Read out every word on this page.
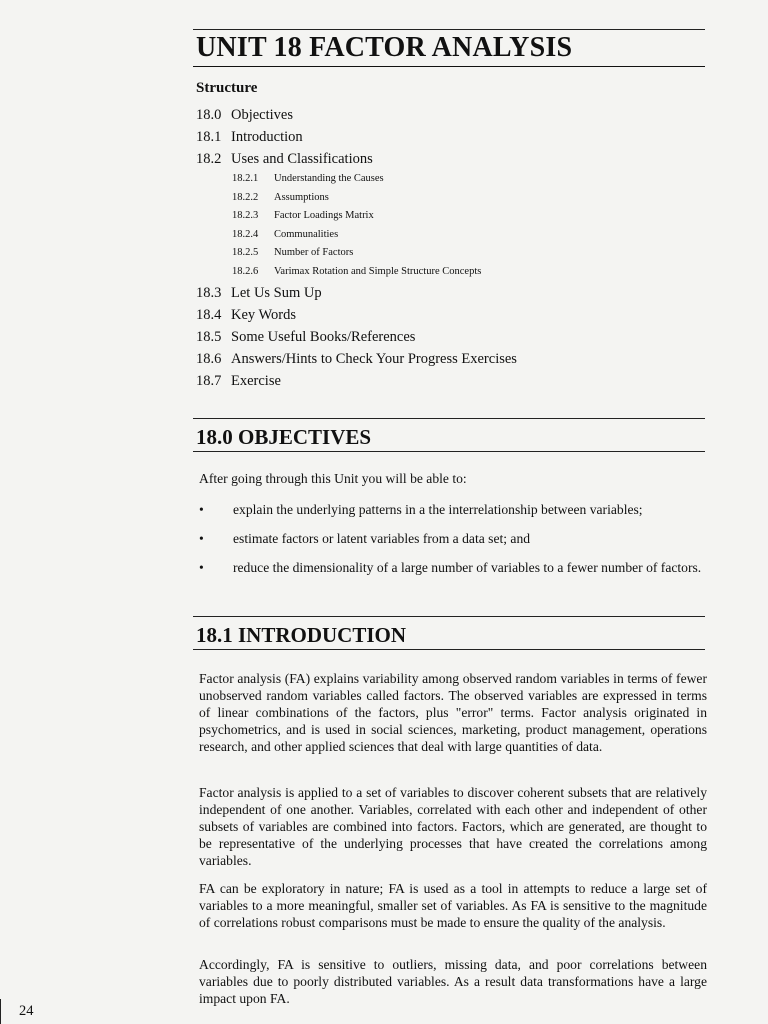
UNIT 18 FACTOR ANALYSIS
Structure
18.0 Objectives
18.1 Introduction
18.2 Uses and Classifications
18.2.1 Understanding the Causes
18.2.2 Assumptions
18.2.3 Factor Loadings Matrix
18.2.4 Communalities
18.2.5 Number of Factors
18.2.6 Varimax Rotation and Simple Structure Concepts
18.3 Let Us Sum Up
18.4 Key Words
18.5 Some Useful Books/References
18.6 Answers/Hints to Check Your Progress Exercises
18.7 Exercise
18.0 OBJECTIVES

After going through this Unit you will be able to:

• explain the underlying patterns in a the interrelationship between variables;
• estimate factors or latent variables from a data set; and
• reduce the dimensionality of a large number of variables to a fewer number of factors.
18.1 INTRODUCTION

Factor analysis (FA) explains variability among observed random variables in terms of fewer unobserved random variables called factors. The observed variables are expressed in terms of linear combinations of the factors, plus "error" terms. Factor analysis originated in psychometrics, and is used in social sciences, marketing, product management, operations research, and other applied sciences that deal with large quantities of data.

Factor analysis is applied to a set of variables to discover coherent subsets that are relatively independent of one another. Variables, correlated with each other and independent of other subsets of variables are combined into factors. Factors, which are generated, are thought to be representative of the underlying processes that have created the correlations among variables.

FA can be exploratory in nature; FA is used as a tool in attempts to reduce a large set of variables to a more meaningful, smaller set of variables. As FA is sensitive to the magnitude of correlations robust comparisons must be made to ensure the quality of the analysis.

Accordingly, FA is sensitive to outliers, missing data, and poor correlations between variables due to poorly distributed variables. As a result data transformations have a large impact upon FA.

24
